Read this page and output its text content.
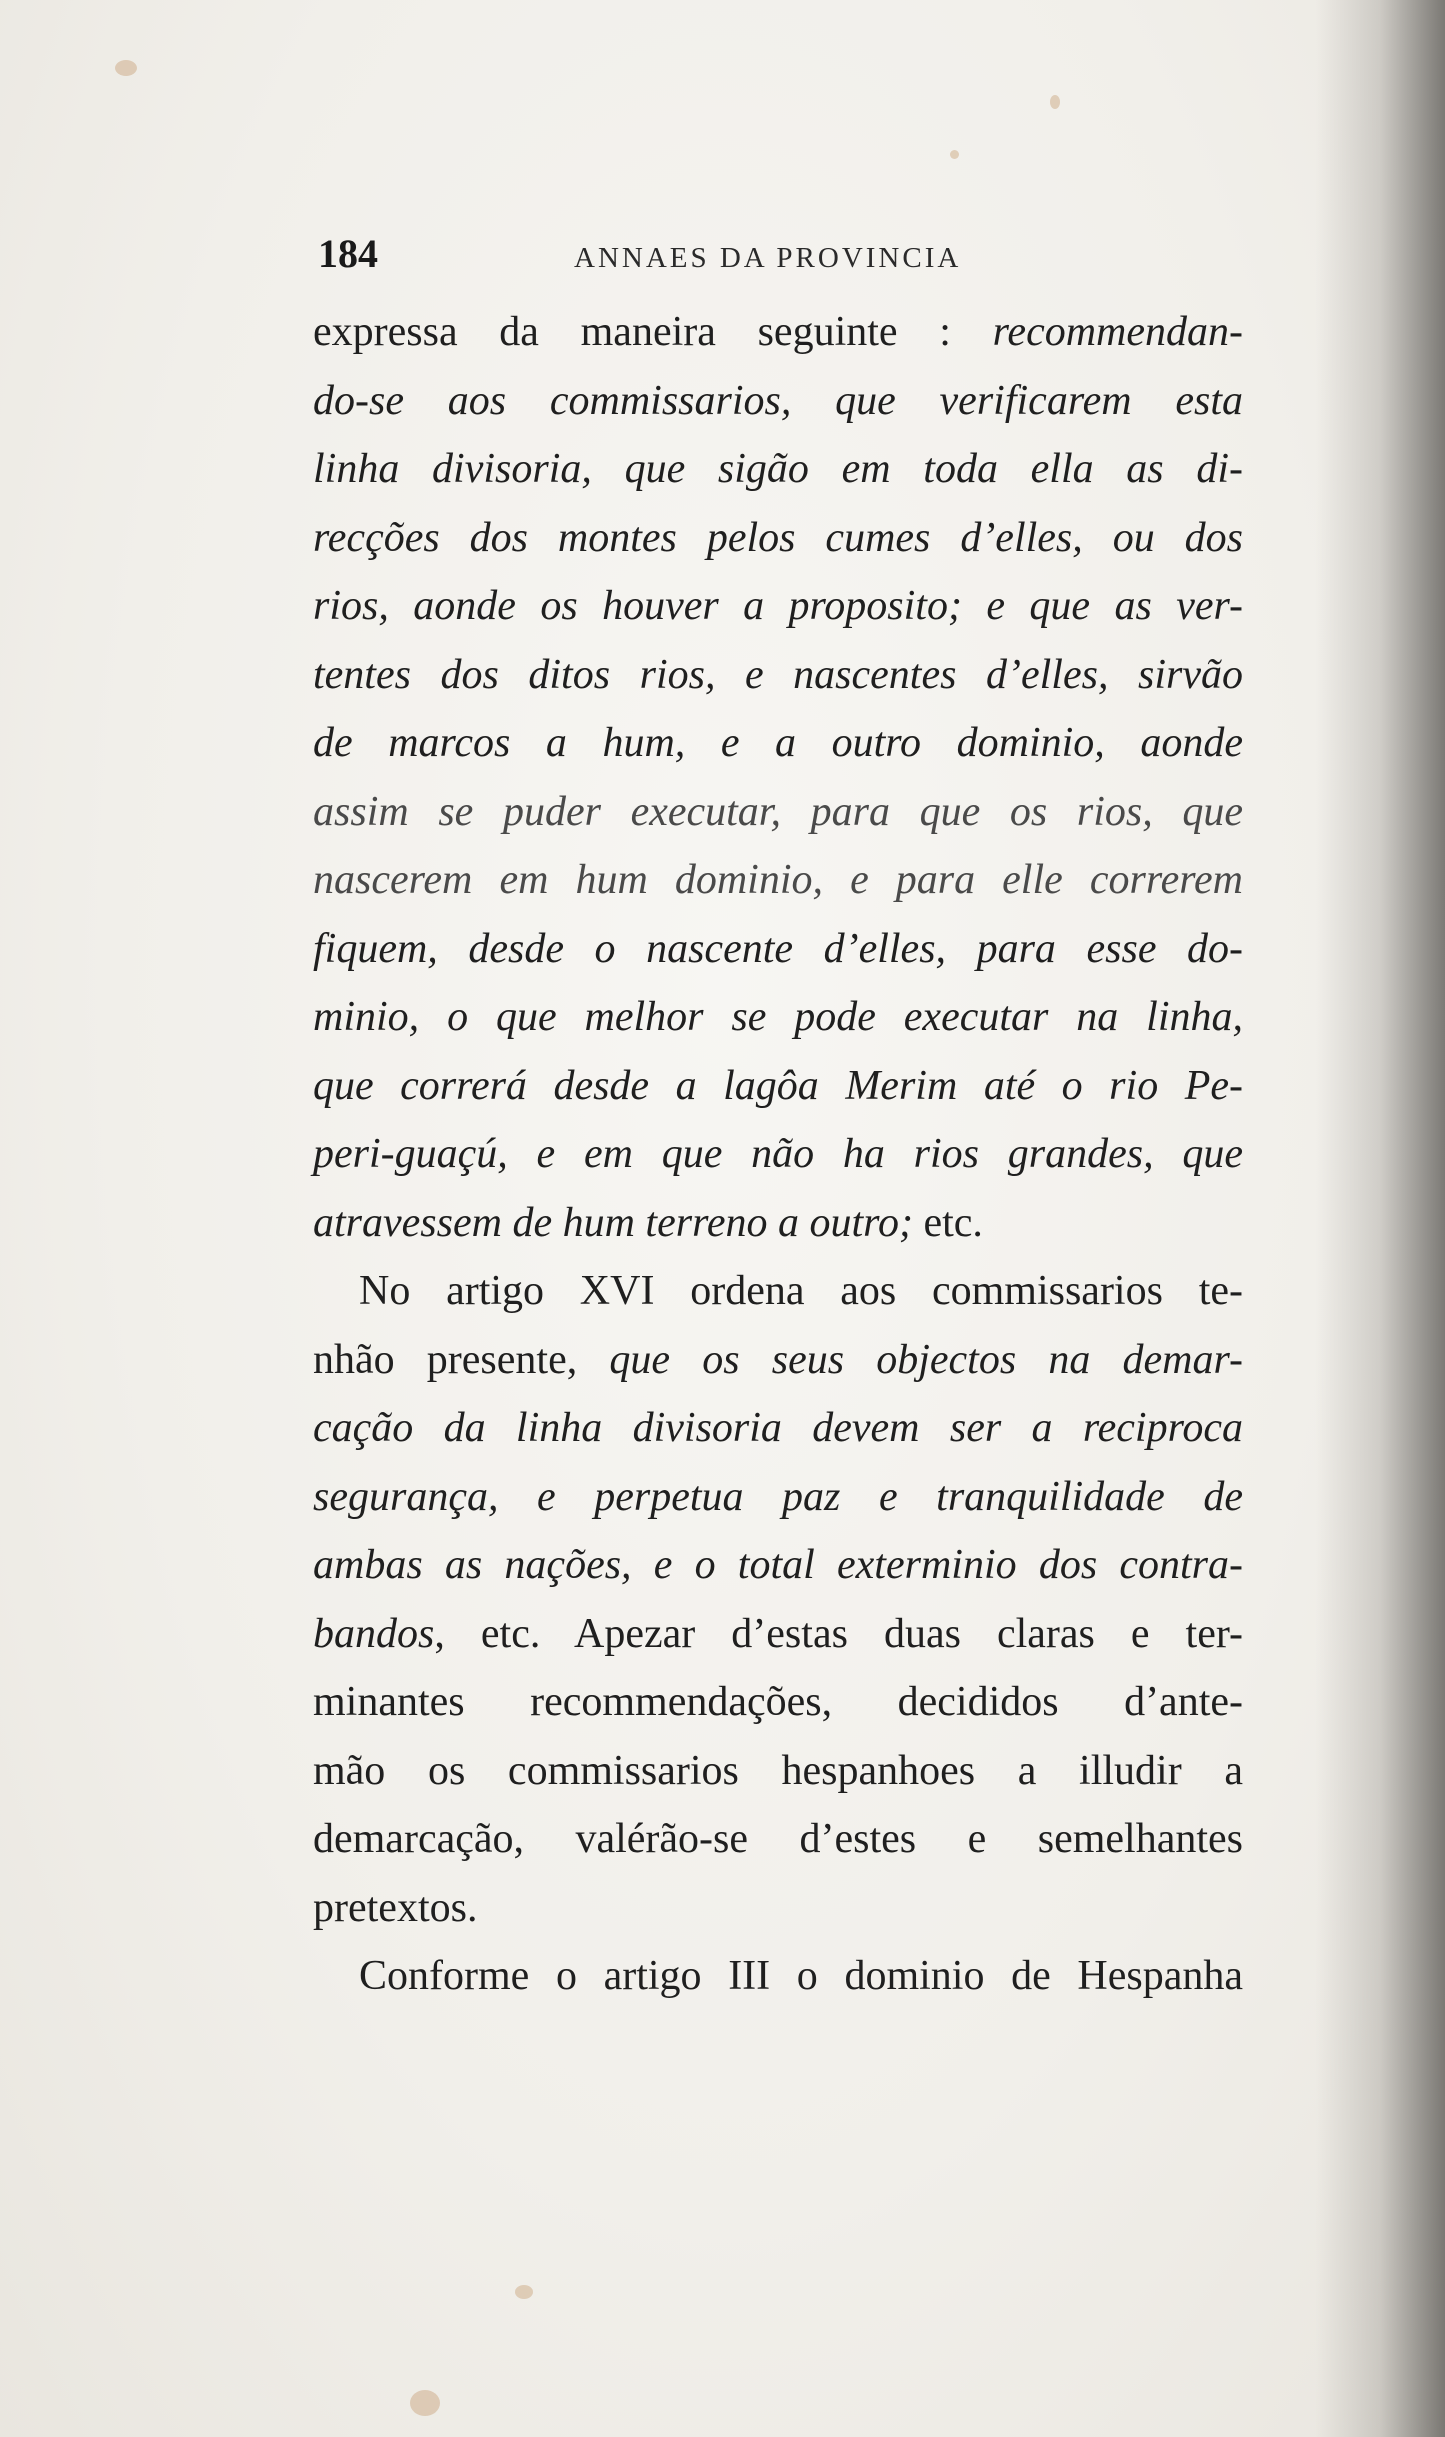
184	ANNAES DA PROVINCIA
expressa da maneira seguinte : recommendan-
do-se aos commissarios, que verificarem esta
linha divisoria, que sigão em toda ella as di-
recções dos montes pelos cumes d’elles, ou dos
rios, aonde os houver a proposito; e que as ver-
tentes dos ditos rios, e nascentes d’elles, sirvão
de marcos a hum, e a outro dominio, aonde
assim se puder executar, para que os rios, que
nascerem em hum dominio, e para elle correrem
fiquem, desde o nascente d’elles, para esse do-
minio, o que melhor se pode executar na linha,
que correrá desde a lagôa Merim até o rio Pe-
peri-guaçú, e em que não ha rios grandes, que
atravessem de hum terreno a outro; etc.
No artigo XVI ordena aos commissarios te-
nhão presente, que os seus objectos na demar-
cação da linha divisoria devem ser a reciproca
segurança, e perpetua paz e tranquilidade de
ambas as nações, e o total exterminio dos contra-
bandos, etc. Apezar d’estas duas claras e ter-
minantes recommendações, decididos d’ante-
mão os commissarios hespanhoes a illudir a
demarcação, valérão-se d’estes e semelhantes
pretextos.
Conforme o artigo III o dominio de Hespanha
